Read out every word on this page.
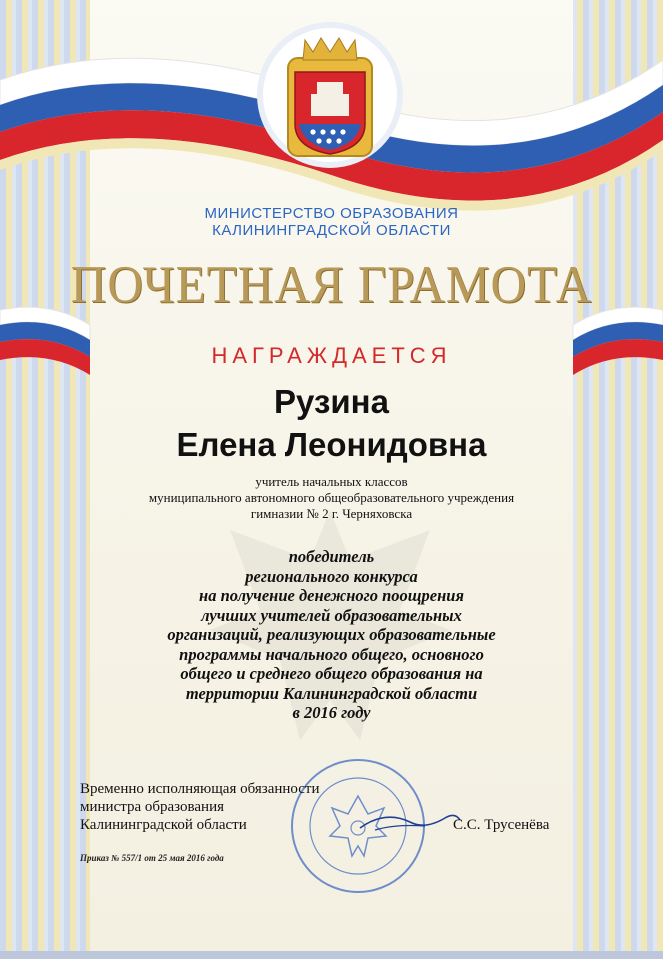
МИНИСТЕРСТВО ОБРАЗОВАНИЯ
КАЛИНИНГРАДСКОЙ ОБЛАСТИ
ПОЧЕТНАЯ ГРАМОТА
НАГРАЖДАЕТСЯ
Рузина
Елена Леонидовна
учитель начальных классов
муниципального автономного общеобразовательного учреждения
гимназии № 2 г. Черняховска
победитель
регионального конкурса
на получение денежного поощрения
лучших учителей образовательных
организаций, реализующих образовательные
программы начального общего, основного
общего и среднего общего образования на
территории Калининградской области
в 2016 году
Временно исполняющая обязанности
министра образования
Калининградской области	С.С. Трусенёва
Приказ № 557/1 от 25 мая 2016 года
